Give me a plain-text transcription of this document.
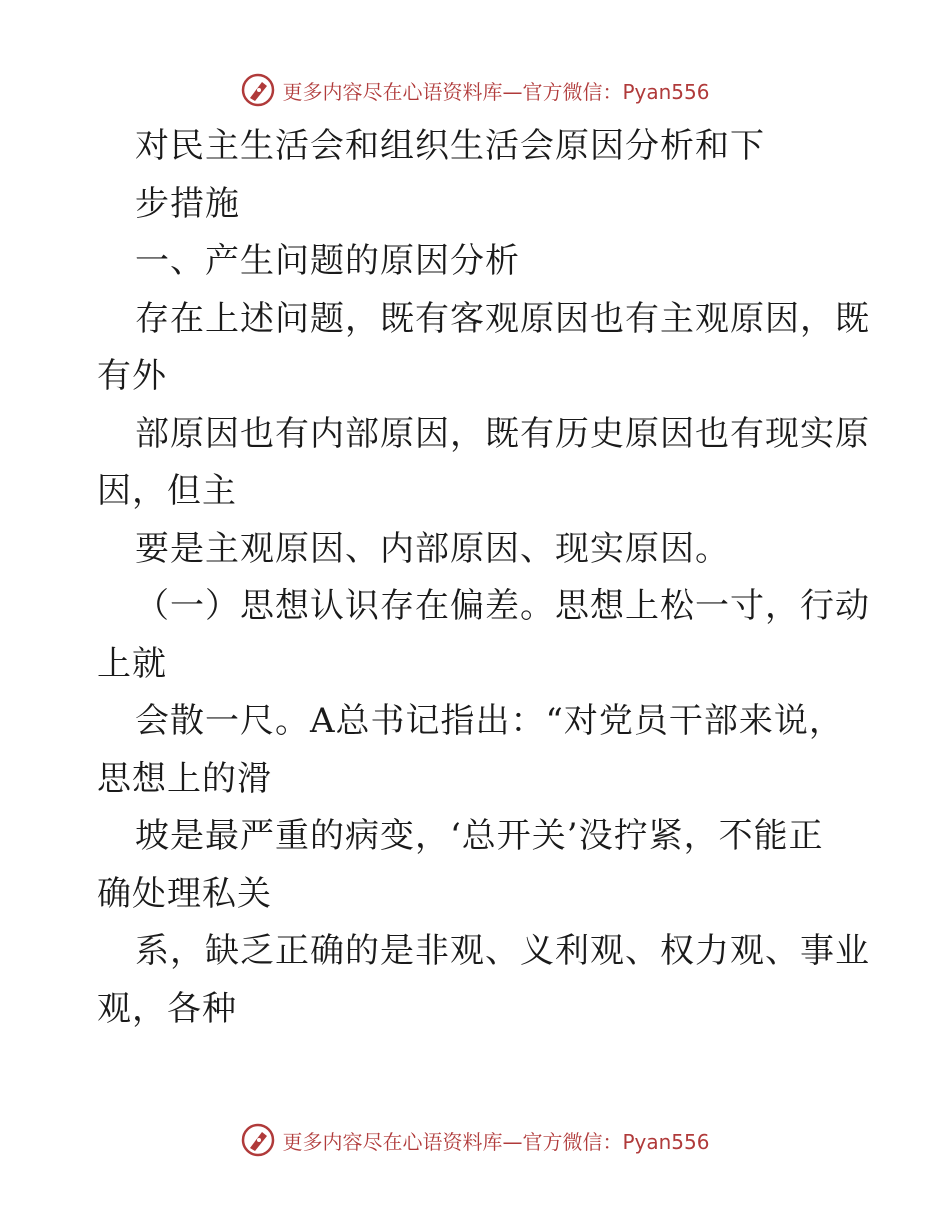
更多内容尽在心语资料库—官方微信：Pyan556
对民主生活会和组织生活会原因分析和下
步措施
一、产生问题的原因分析
存在上述问题，既有客观原因也有主观原因，既
有外
部原因也有内部原因，既有历史原因也有现实原
因，但主
要是主观原因、内部原因、现实原因。
（一）思想认识存在偏差。思想上松一寸，行动
上就
会散一尺。A总书记指出：“对党员干部来说，
思想上的滑
坡是最严重的病变，‘总开关’没拧紧，不能正
确处理私关
系，缺乏正确的是非观、义利观、权力观、事业
观，各种
更多内容尽在心语资料库—官方微信：Pyan556
